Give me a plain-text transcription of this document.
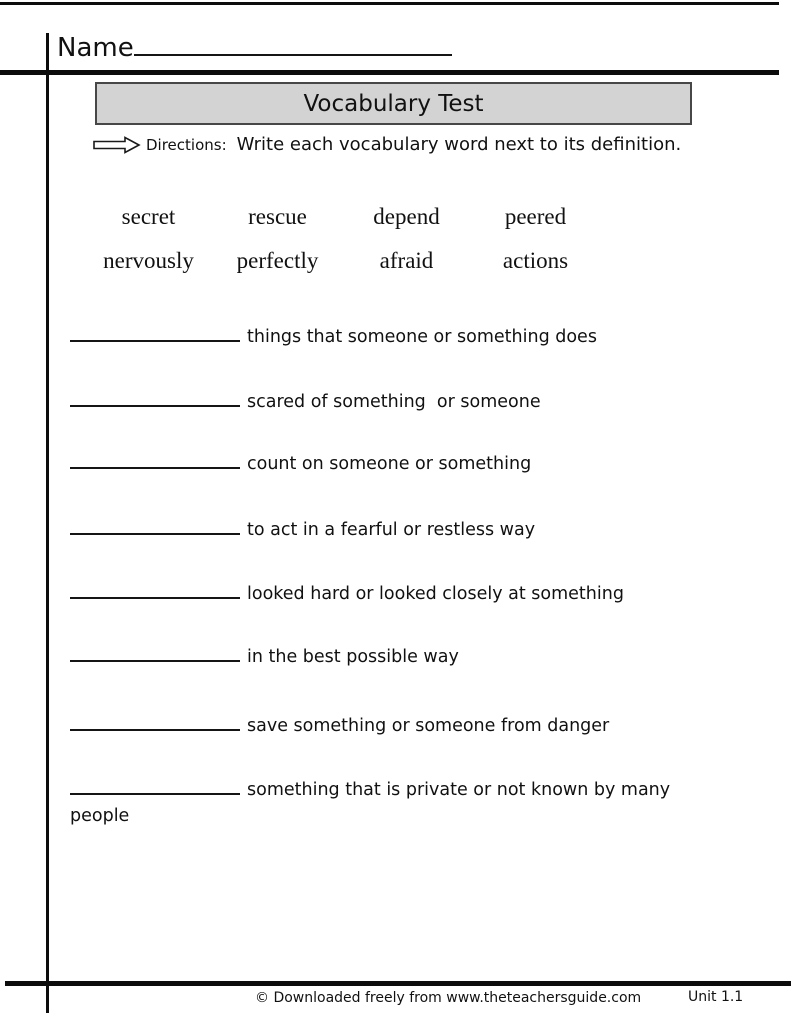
Name
Vocabulary Test
Directions: Write each vocabulary word next to its definition.
secret	rescue	depend	peered
nervously	perfectly	afraid	actions

things that someone or something does

scared of something  or someone

count on someone or something

to act in a fearful or restless way

looked hard or looked closely at something

in the best possible way

save something or someone from danger

something that is private or not known by many people

© Downloaded freely from www.theteachersguide.com	Unit 1.1
